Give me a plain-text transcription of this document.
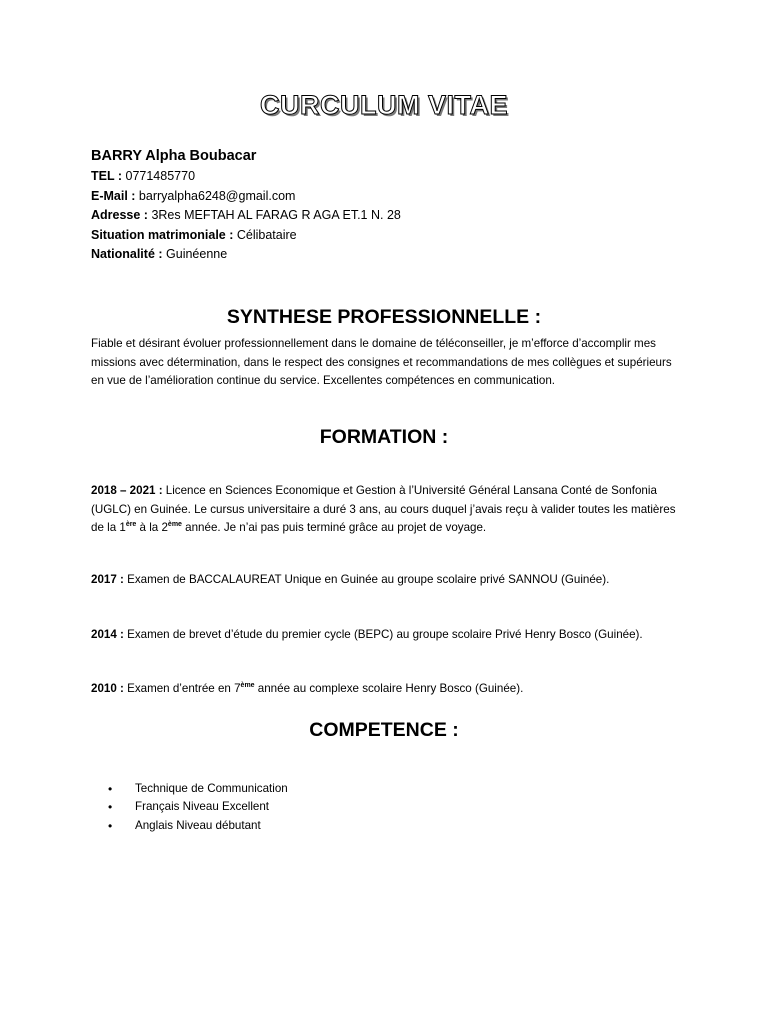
CURCULUM VITAE
BARRY Alpha Boubacar
TEL : 0771485770
E-Mail : barryalpha6248@gmail.com
Adresse : 3Res MEFTAH AL FARAG R AGA ET.1 N. 28
Situation matrimoniale : Célibataire
Nationalité : Guinéenne
SYNTHESE PROFESSIONNELLE :
Fiable et désirant évoluer professionnellement dans le domaine de téléconseiller, je m’efforce d’accomplir mes missions avec détermination, dans le respect des consignes et recommandations de mes collègues et supérieurs en vue de l’amélioration continue du service. Excellentes compétences en communication.
FORMATION :
2018 – 2021 : Licence en Sciences Economique et Gestion à l’Université Général Lansana Conté de Sonfonia (UGLC) en Guinée. Le cursus universitaire a duré 3 ans, au cours duquel j’avais reçu à valider toutes les matières de la 1ère à la 2ème année. Je n’ai pas puis terminé grâce au projet de voyage.
2017 : Examen de BACCALAUREAT Unique en Guinée au groupe scolaire privé SANNOU (Guinée).
2014 : Examen de brevet d’étude du premier cycle (BEPC) au groupe scolaire Privé Henry Bosco (Guinée).
2010 : Examen d’entrée en 7ème année au complexe scolaire Henry Bosco (Guinée).
COMPETENCE :
•	Technique de Communication
•	Français Niveau Excellent
•	Anglais Niveau débutant
